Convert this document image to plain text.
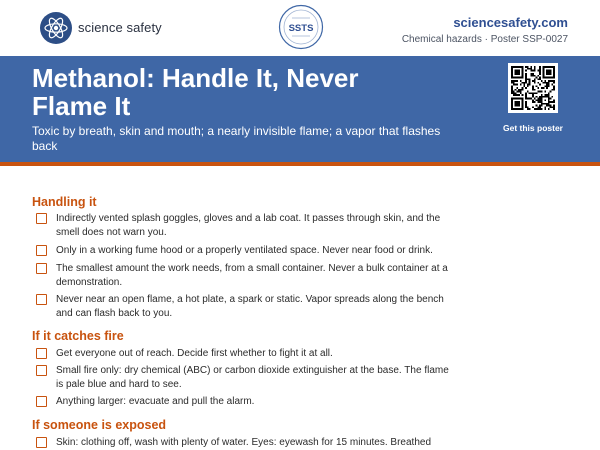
science safety	SSTS	sciencesafety.com
Chemical hazards · Poster SSP-0027
Methanol: Handle It, Never Flame It
Toxic by breath, skin and mouth; a nearly invisible flame; a vapor that flashes back
Get this poster
Handling it
Indirectly vented splash goggles, gloves and a lab coat. It passes through skin, and the smell does not warn you.
Only in a working fume hood or a properly ventilated space. Never near food or drink.
The smallest amount the work needs, from a small container. Never a bulk container at a demonstration.
Never near an open flame, a hot plate, a spark or static. Vapor spreads along the bench and can flash back to you.
If it catches fire
Get everyone out of reach. Decide first whether to fight it at all.
Small fire only: dry chemical (ABC) or carbon dioxide extinguisher at the base. The flame is pale blue and hard to see.
Anything larger: evacuate and pull the alarm.
If someone is exposed
Skin: clothing off, wash with plenty of water. Eyes: eyewash for 15 minutes. Breathed
